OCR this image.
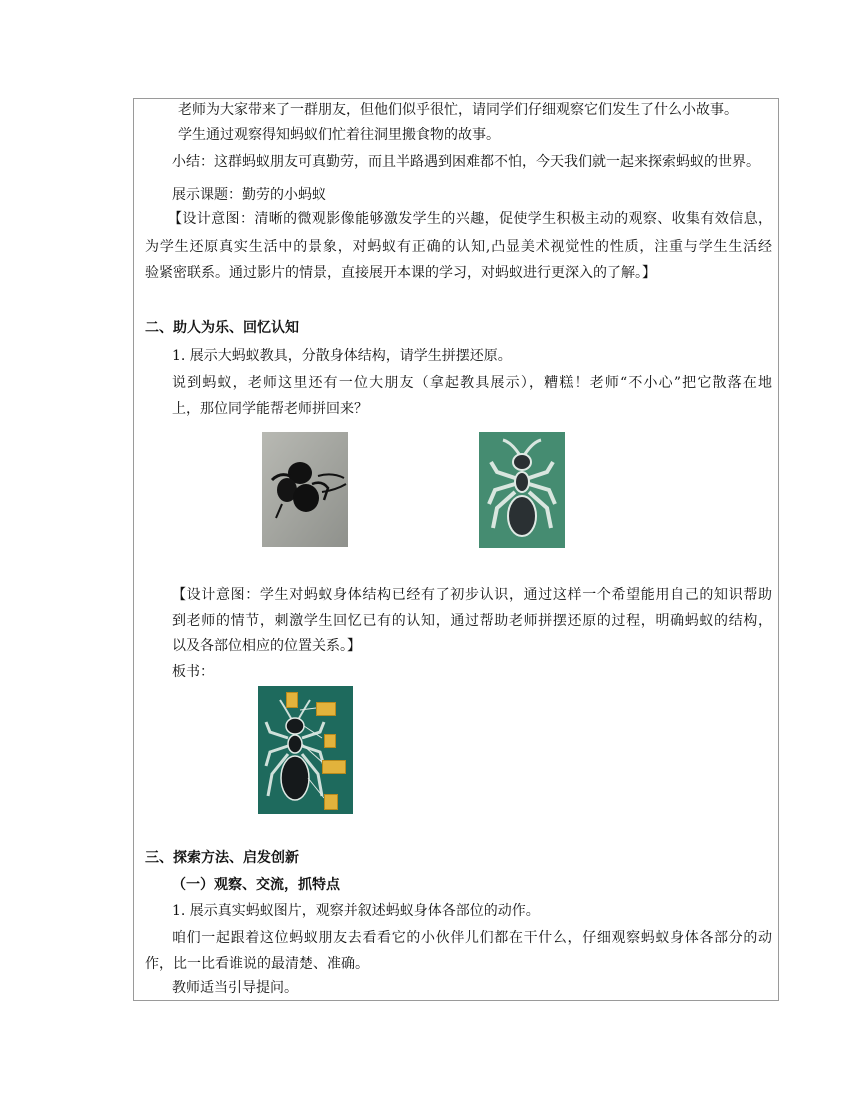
老师为大家带来了一群朋友，但他们似乎很忙，请同学们仔细观察它们发生了什么小故事。
学生通过观察得知蚂蚁们忙着往洞里搬食物的故事。
小结：这群蚂蚁朋友可真勤劳，而且半路遇到困难都不怕，今天我们就一起来探索蚂蚁的世界。
展示课题：勤劳的小蚂蚁
【设计意图：清晰的微观影像能够激发学生的兴趣，促使学生积极主动的观察、收集有效信息，
为学生还原真实生活中的景象，对蚂蚁有正确的认知,凸显美术视觉性的性质，注重与学生生活经
验紧密联系。通过影片的情景，直接展开本课的学习，对蚂蚁进行更深入的了解。】
二、助人为乐、回忆认知
1. 展示大蚂蚁教具，分散身体结构，请学生拼摆还原。
说到蚂蚁，老师这里还有一位大朋友（拿起教具展示），糟糕！老师“不小心”把它散落在地
上，那位同学能帮老师拼回来？
【设计意图：学生对蚂蚁身体结构已经有了初步认识，通过这样一个希望能用自己的知识帮助
到老师的情节，刺激学生回忆已有的认知，通过帮助老师拼摆还原的过程，明确蚂蚁的结构，
以及各部位相应的位置关系。】
板书：
三、探索方法、启发创新
（一）观察、交流，抓特点
1. 展示真实蚂蚁图片，观察并叙述蚂蚁身体各部位的动作。
咱们一起跟着这位蚂蚁朋友去看看它的小伙伴儿们都在干什么，仔细观察蚂蚁身体各部分的动
作，比一比看谁说的最清楚、准确。
教师适当引导提问。
